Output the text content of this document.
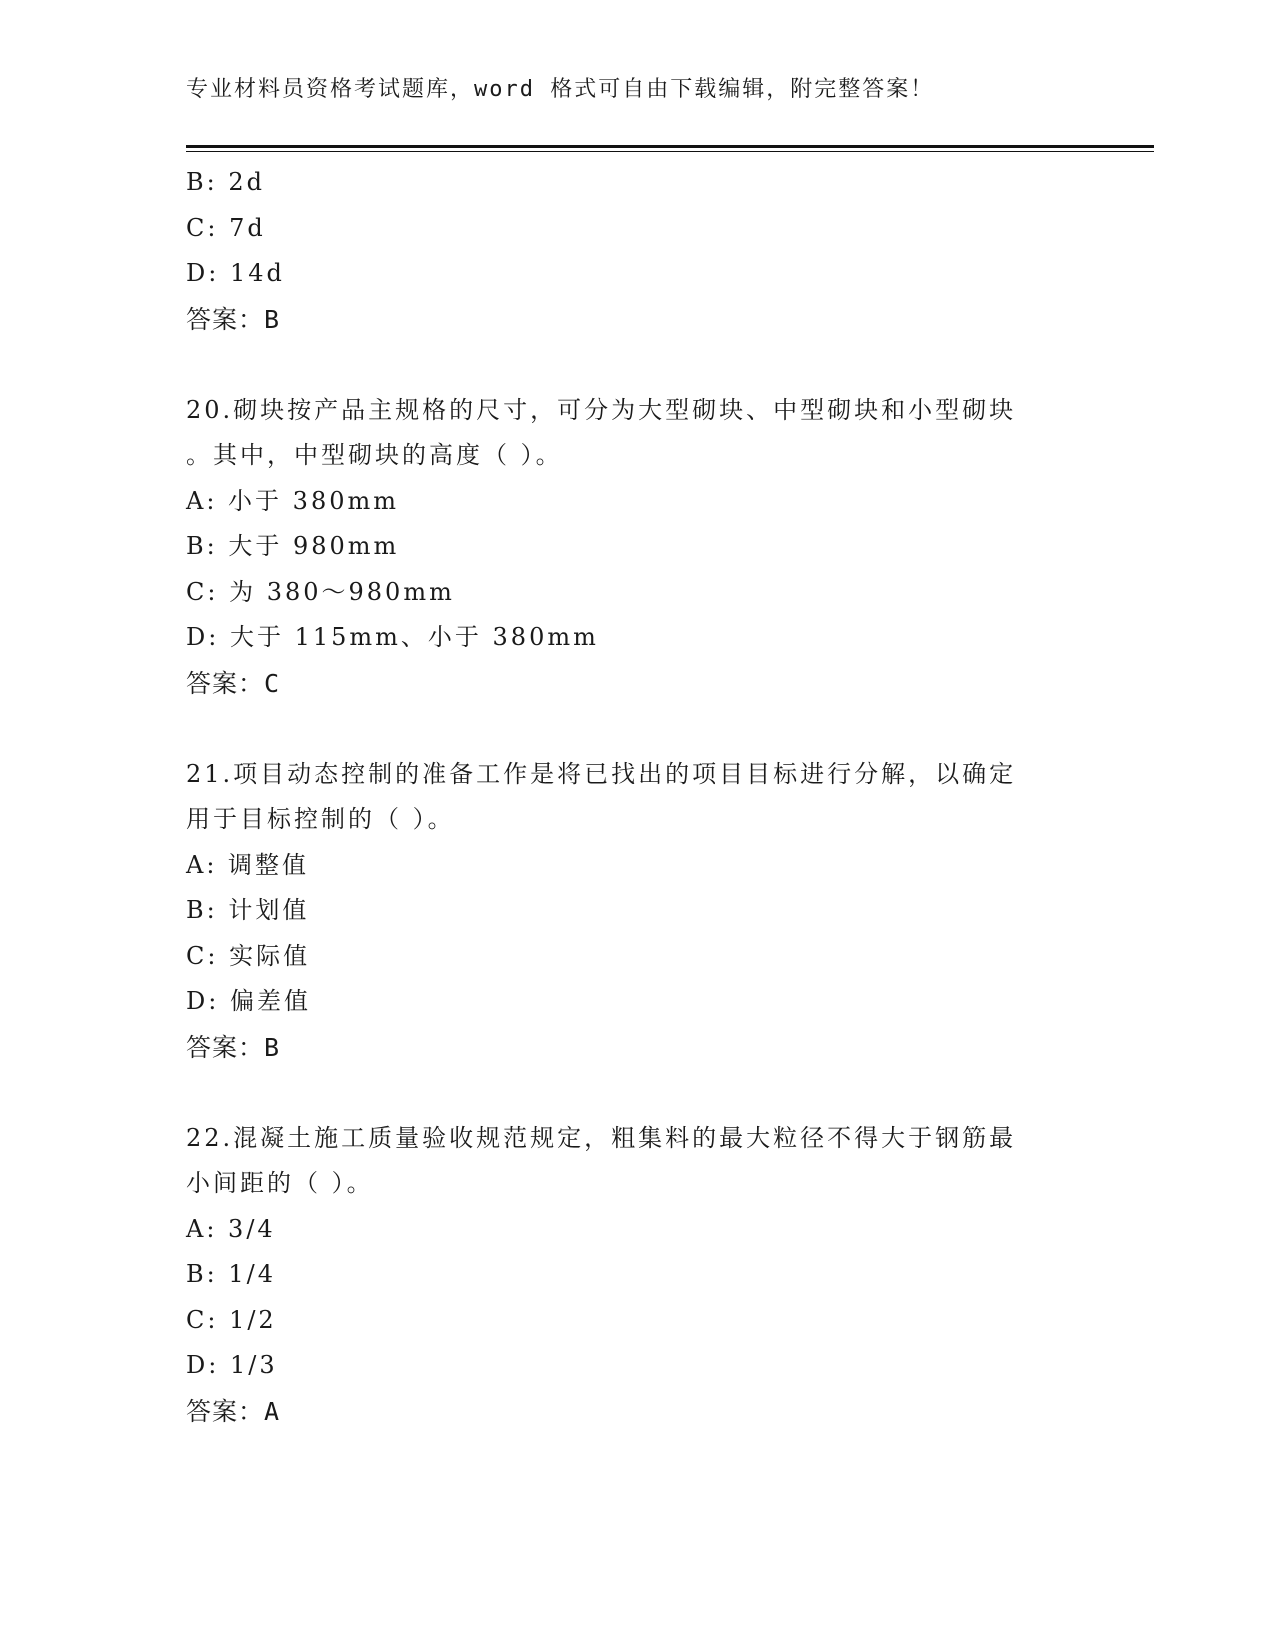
专业材料员资格考试题库，word 格式可自由下载编辑，附完整答案！
B: 2d
C: 7d
D: 14d
答案：B
20.砌块按产品主规格的尺寸，可分为大型砌块、中型砌块和小型砌块
。其中，中型砌块的高度（ ）。
A: 小于 380mm
B: 大于 980mm
C: 为 380～980mm
D: 大于 115mm、小于 380mm
答案：C
21.项目动态控制的准备工作是将已找出的项目目标进行分解，以确定
用于目标控制的（ ）。
A: 调整值
B: 计划值
C: 实际值
D: 偏差值
答案：B
22.混凝土施工质量验收规范规定，粗集料的最大粒径不得大于钢筋最
小间距的（ ）。
A: 3/4
B: 1/4
C: 1/2
D: 1/3
答案：A
